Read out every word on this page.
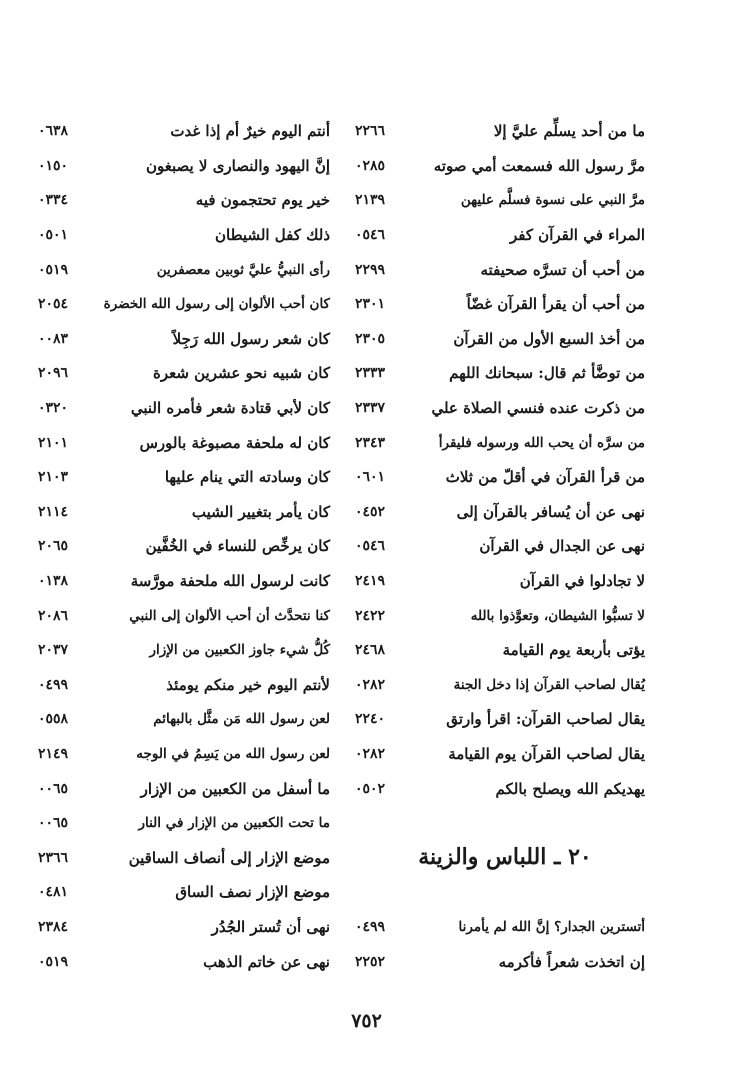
ما من أحد يسلِّم عليَّ إلا
٢٢٦٦
مرَّ رسول الله فسمعت أمي صوته
٠٢٨٥
مرَّ النبي على نسوة فسلَّم عليهن
٢١٣٩
المراء في القرآن كفر
٠٥٤٦
من أحب أن تسرَّه صحيفته
٢٢٩٩
من أحب أن يقرأ القرآن غضّاً
٢٣٠١
من أخذ السبع الأول من القرآن
٢٣٠٥
من توضَّأ ثم قال: سبحانك اللهم
٢٣٣٣
من ذكرت عنده فنسي الصلاة علي
٢٣٣٧
من سرَّه أن يحب الله ورسوله فليقرأ
٢٣٤٣
من قرأ القرآن في أقلّ من ثلاث
٠٦٠١
نهى عن أن يُسافر بالقرآن إلى
٠٤٥٢
نهى عن الجدال في القرآن
٠٥٤٦
لا تجادلوا في القرآن
٢٤١٩
لا تسبُّوا الشيطان، وتعوَّذوا بالله
٢٤٢٢
يؤتى بأربعة يوم القيامة
٢٤٦٨
يُقال لصاحب القرآن إذا دخل الجنة
٠٢٨٢
يقال لصاحب القرآن: اقرأ وارتق
٢٢٤٠
يقال لصاحب القرآن يوم القيامة
٠٢٨٢
يهديكم الله ويصلح بالكم
٠٥٠٢
٢٠ ـ اللباس والزينة
أتسترين الجدار؟ إنَّ الله لم يأمرنا
٠٤٩٩
إن اتخذت شعراً فأكرمه
٢٢٥٢
أنتم اليوم خيرٌ أم إذا غدت
٠٦٣٨
إنَّ اليهود والنصارى لا يصبغون
٠١٥٠
خير يوم تحتجمون فيه
٠٣٣٤
ذلك كفل الشيطان
٠٥٠١
رأى النبيُّ عليَّ ثوبين معصفرين
٠٥١٩
كان أحب الألوان إلى رسول الله الخضرة
٢٠٥٤
كان شعر رسول الله رَجِلاً
٠٠٨٣
كان شبيه نحو عشرين شعرة
٢٠٩٦
كان لأبي قتادة شعر فأمره النبي
٠٣٢٠
كان له ملحفة مصبوغة بالورس
٢١٠١
كان وسادته التي ينام عليها
٢١٠٣
كان يأمر بتغيير الشيب
٢١١٤
كان يرخِّص للنساء في الخُفَّين
٢٠٦٥
كانت لرسول الله ملحفة مورَّسة
٠١٣٨
كنا نتحدَّث أن أحب الألوان إلى النبي
٢٠٨٦
كُلُّ شيء جاوز الكعبين من الإزار
٢٠٣٧
لأنتم اليوم خير منكم يومئذ
٠٤٩٩
لعن رسول الله مَن مثَّل بالبهائم
٠٥٥٨
لعن رسول الله من يَسِمُ في الوجه
٢١٤٩
ما أسفل من الكعبين من الإزار
٠٠٦٥
ما تحت الكعبين من الإزار في النار
٠٠٦٥
موضع الإزار إلى أنصاف الساقين
٢٣٦٦
موضع الإزار نصف الساق
٠٤٨١
نهى أن تُستر الجُدُر
٢٣٨٤
نهى عن خاتم الذهب
٠٥١٩
٧٥٢
